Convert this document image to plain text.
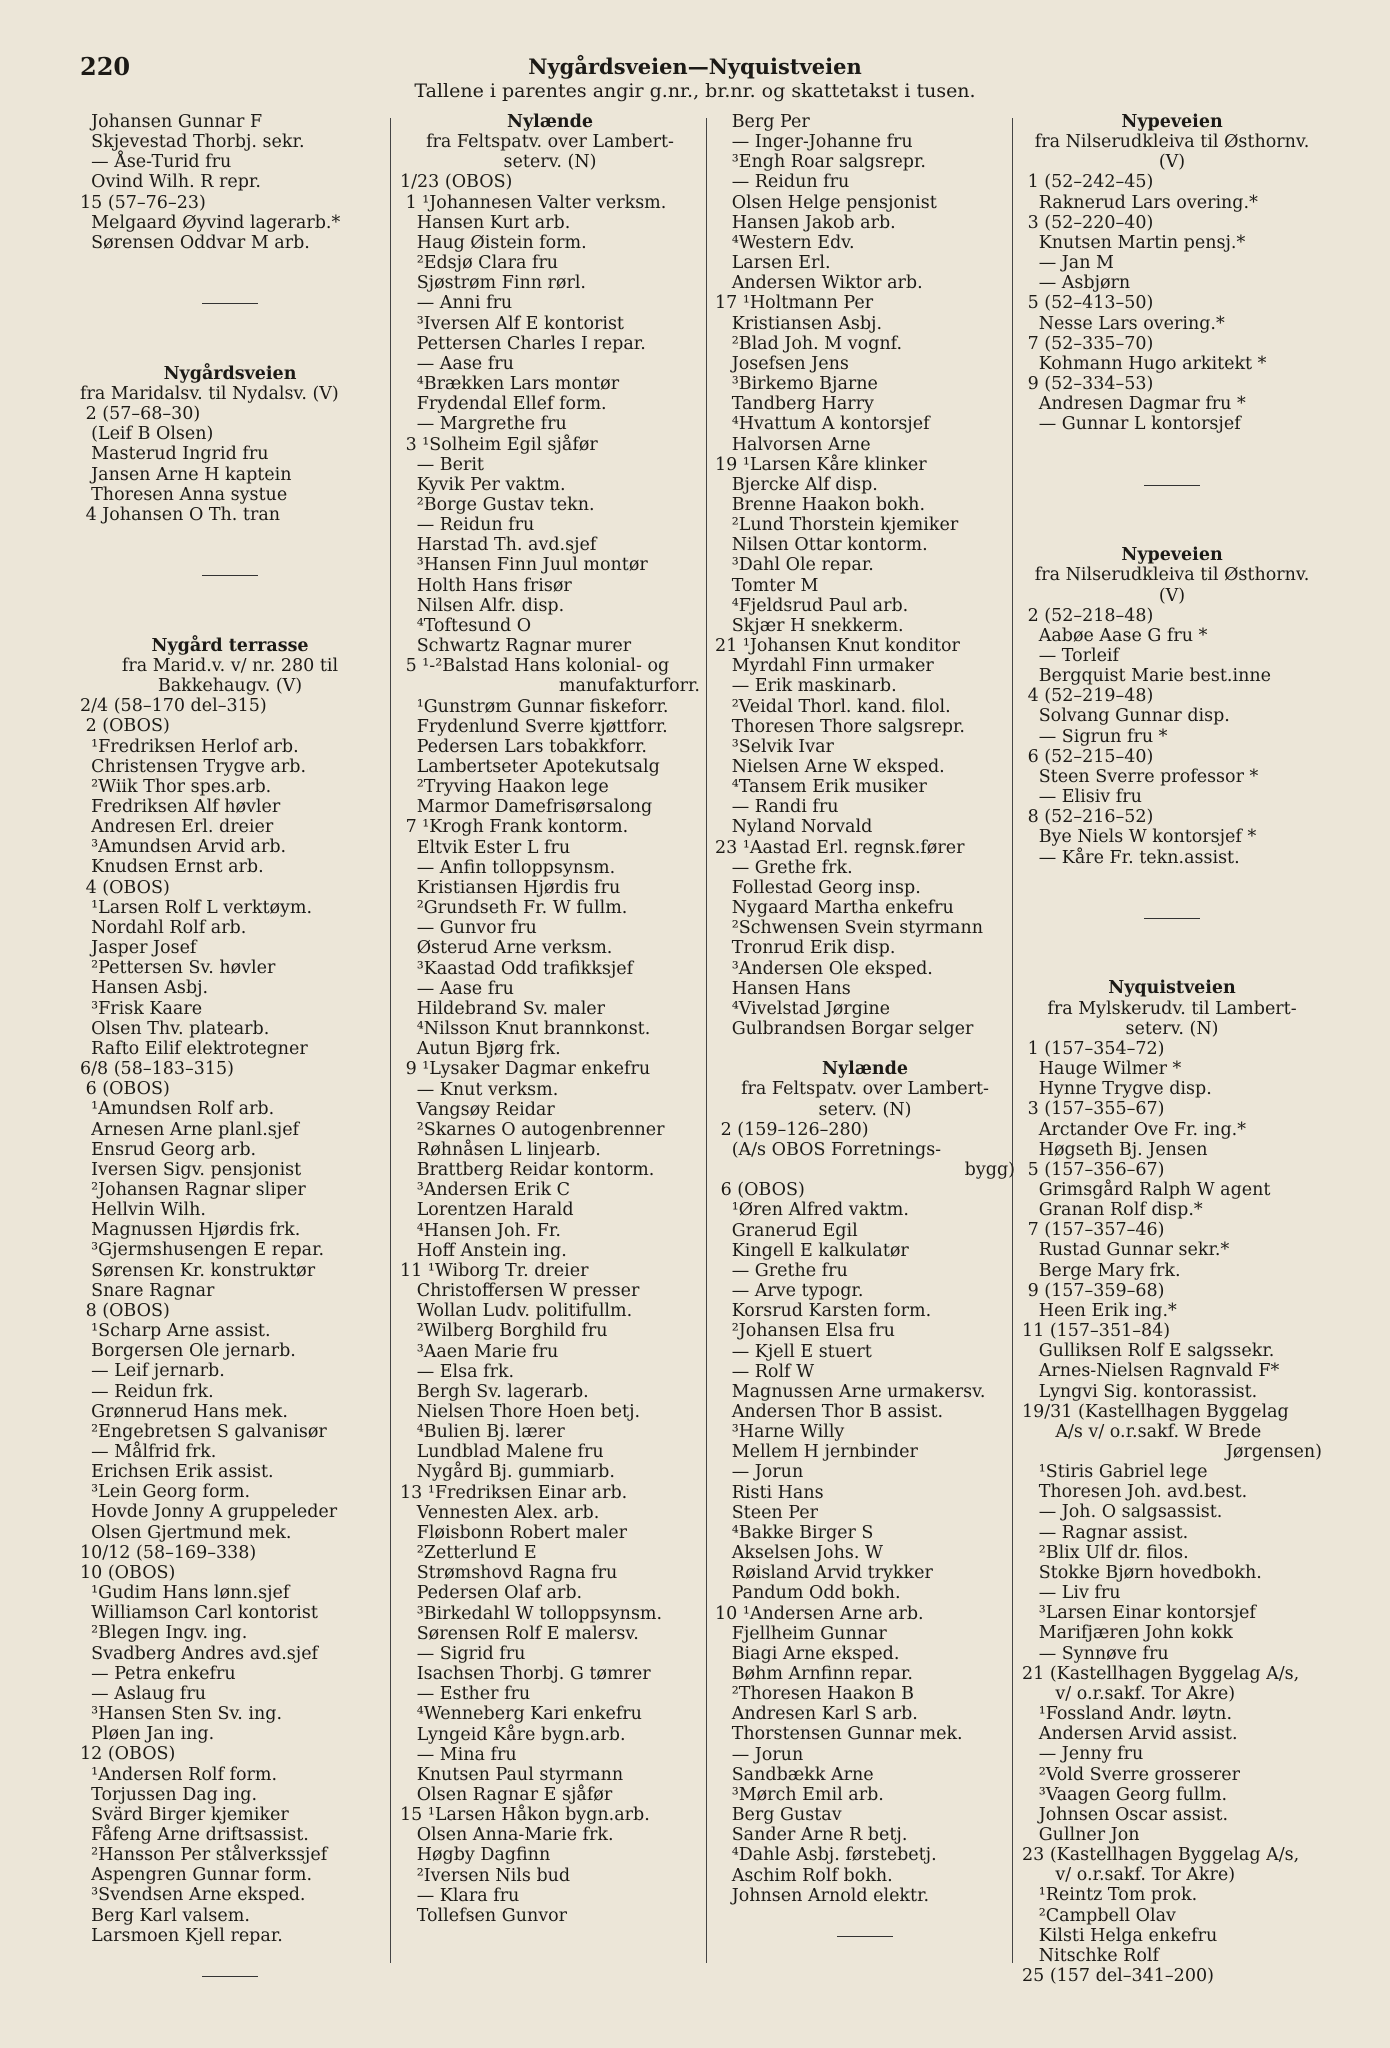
220	Nygårdsveien—Nyquistveien
Tallene i parentes angir g.nr., br.nr. og skattetakst i tusen.
Johansen Gunnar F
Skjevestad Thorbj. sekr.
— Åse-Turid fru
Ovind Wilh. R repr.
15 (57–76–23)
Melgaard Øyvind lagerarb.*
Sørensen Oddvar M arb.
Nygårdsveien
fra Maridalsv. til Nydalsv. (V)
2 (57–68–30)
(Leif B Olsen)
Masterud Ingrid fru
Jansen Arne H kaptein
Thoresen Anna systue
4 Johansen O Th. tran
Nygård terrasse
fra Marid.v. v/ nr. 280 til
Bakkehaugv. (V)
2/4 (58–170 del–315)
2 (OBOS)
¹Fredriksen Herlof arb.
Christensen Trygve arb.
²Wiik Thor spes.arb.
Fredriksen Alf høvler
Andresen Erl. dreier
³Amundsen Arvid arb.
Knudsen Ernst arb.
4 (OBOS)
¹Larsen Rolf L verktøym.
Nordahl Rolf arb.
Jasper Josef
²Pettersen Sv. høvler
Hansen Asbj.
³Frisk Kaare
Olsen Thv. platearb.
Rafto Eilif elektrotegner
6/8 (58–183–315)
6 (OBOS)
¹Amundsen Rolf arb.
Arnesen Arne planl.sjef
Ensrud Georg arb.
Iversen Sigv. pensjonist
²Johansen Ragnar sliper
Hellvin Wilh.
Magnussen Hjørdis frk.
³Gjermshusengen E repar.
Sørensen Kr. konstruktør
Snare Ragnar
8 (OBOS)
¹Scharp Arne assist.
Borgersen Ole jernarb.
— Leif jernarb.
— Reidun frk.
Grønnerud Hans mek.
²Engebretsen S galvanisør
— Målfrid frk.
Erichsen Erik assist.
³Lein Georg form.
Hovde Jonny A gruppeleder
Olsen Gjertmund mek.
10/12 (58–169–338)
10 (OBOS)
¹Gudim Hans lønn.sjef
Williamson Carl kontorist
²Blegen Ingv. ing.
Svadberg Andres avd.sjef
— Petra enkefru
— Aslaug fru
³Hansen Sten Sv. ing.
Pløen Jan ing.
12 (OBOS)
¹Andersen Rolf form.
Torjussen Dag ing.
Svärd Birger kjemiker
Fåfeng Arne driftsassist.
²Hansson Per stålverkssjef
Aspengren Gunnar form.
³Svendsen Arne eksped.
Berg Karl valsem.
Larsmoen Kjell repar.
Nylænde
fra Feltspatv. over Lambert-
seterv. (N)
1/23 (OBOS)
1 ¹Johannesen Valter verksm.
Hansen Kurt arb.
Haug Øistein form.
²Edsjø Clara fru
Sjøstrøm Finn rørl.
— Anni fru
³Iversen Alf E kontorist
Pettersen Charles I repar.
— Aase fru
⁴Brækken Lars montør
Frydendal Ellef form.
— Margrethe fru
3 ¹Solheim Egil sjåfør
— Berit
Kyvik Per vaktm.
²Borge Gustav tekn.
— Reidun fru
Harstad Th. avd.sjef
³Hansen Finn Juul montør
Holth Hans frisør
Nilsen Alfr. disp.
⁴Toftesund O
Schwartz Ragnar murer
5 ¹-²Balstad Hans kolonial- og
manufakturforr.
¹Gunstrøm Gunnar fiskeforr.
Frydenlund Sverre kjøttforr.
Pedersen Lars tobakkforr.
Lambertseter Apotekutsalg
²Tryving Haakon lege
Marmor Damefrisørsalong
7 ¹Krogh Frank kontorm.
Eltvik Ester L fru
— Anfin tolloppsynsm.
Kristiansen Hjørdis fru
²Grundseth Fr. W fullm.
— Gunvor fru
Østerud Arne verksm.
³Kaastad Odd trafikksjef
— Aase fru
Hildebrand Sv. maler
⁴Nilsson Knut brannkonst.
Autun Bjørg frk.
9 ¹Lysaker Dagmar enkefru
— Knut verksm.
Vangsøy Reidar
²Skarnes O autogenbrenner
Røhnåsen L linjearb.
Brattberg Reidar kontorm.
³Andersen Erik C
Lorentzen Harald
⁴Hansen Joh. Fr.
Hoff Anstein ing.
11 ¹Wiborg Tr. dreier
Christoffersen W presser
Wollan Ludv. politifullm.
²Wilberg Borghild fru
³Aaen Marie fru
— Elsa frk.
Bergh Sv. lagerarb.
Nielsen Thore Hoen betj.
⁴Bulien Bj. lærer
Lundblad Malene fru
Nygård Bj. gummiarb.
13 ¹Fredriksen Einar arb.
Vennesten Alex. arb.
Fløisbonn Robert maler
²Zetterlund E
Strømshovd Ragna fru
Pedersen Olaf arb.
³Birkedahl W tolloppsynsm.
Sørensen Rolf E malersv.
— Sigrid fru
Isachsen Thorbj. G tømrer
— Esther fru
⁴Wenneberg Kari enkefru
Lyngeid Kåre bygn.arb.
— Mina fru
Knutsen Paul styrmann
Olsen Ragnar E sjåfør
15 ¹Larsen Håkon bygn.arb.
Olsen Anna-Marie frk.
Høgby Dagfinn
²Iversen Nils bud
— Klara fru
Tollefsen Gunvor
Berg Per
— Inger-Johanne fru
³Engh Roar salgsrepr.
— Reidun fru
Olsen Helge pensjonist
Hansen Jakob arb.
⁴Western Edv.
Larsen Erl.
Andersen Wiktor arb.
17 ¹Holtmann Per
Kristiansen Asbj.
²Blad Joh. M vognf.
Josefsen Jens
³Birkemo Bjarne
Tandberg Harry
⁴Hvattum A kontorsjef
Halvorsen Arne
19 ¹Larsen Kåre klinker
Bjercke Alf disp.
Brenne Haakon bokh.
²Lund Thorstein kjemiker
Nilsen Ottar kontorm.
³Dahl Ole repar.
Tomter M
⁴Fjeldsrud Paul arb.
Skjær H snekkerm.
21 ¹Johansen Knut konditor
Myrdahl Finn urmaker
— Erik maskinarb.
²Veidal Thorl. kand. filol.
Thoresen Thore salgsrepr.
³Selvik Ivar
Nielsen Arne W eksped.
⁴Tansem Erik musiker
— Randi fru
Nyland Norvald
23 ¹Aastad Erl. regnsk.fører
— Grethe frk.
Follestad Georg insp.
Nygaard Martha enkefru
²Schwensen Svein styrmann
Tronrud Erik disp.
³Andersen Ole eksped.
Hansen Hans
⁴Vivelstad Jørgine
Gulbrandsen Borgar selger
Nylænde
fra Feltspatv. over Lambert-
seterv. (N)
2 (159–126–280)
(A/s OBOS Forretnings-
bygg)
6 (OBOS)
¹Øren Alfred vaktm.
Granerud Egil
Kingell E kalkulatør
— Grethe fru
— Arve typogr.
Korsrud Karsten form.
²Johansen Elsa fru
— Kjell E stuert
— Rolf W
Magnussen Arne urmakersv.
Andersen Thor B assist.
³Harne Willy
Mellem H jernbinder
— Jorun
Risti Hans
Steen Per
⁴Bakke Birger S
Akselsen Johs. W
Røisland Arvid trykker
Pandum Odd bokh.
10 ¹Andersen Arne arb.
Fjellheim Gunnar
Biagi Arne eksped.
Bøhm Arnfinn repar.
²Thoresen Haakon B
Andresen Karl S arb.
Thorstensen Gunnar mek.
— Jorun
Sandbækk Arne
³Mørch Emil arb.
Berg Gustav
Sander Arne R betj.
⁴Dahle Asbj. førstebetj.
Aschim Rolf bokh.
Johnsen Arnold elektr.
Nypeveien
fra Nilserudkleiva til Østhornv.
(V)
1 (52–242–45)
Raknerud Lars overing.*
3 (52–220–40)
Knutsen Martin pensj.*
— Jan M
— Asbjørn
5 (52–413–50)
Nesse Lars overing.*
7 (52–335–70)
Kohmann Hugo arkitekt *
9 (52–334–53)
Andresen Dagmar fru *
— Gunnar L kontorsjef
Nypeveien
fra Nilserudkleiva til Østhornv.
(V)
2 (52–218–48)
Aabøe Aase G fru *
— Torleif
Bergquist Marie best.inne
4 (52–219–48)
Solvang Gunnar disp.
— Sigrun fru *
6 (52–215–40)
Steen Sverre professor *
— Elisiv fru
8 (52–216–52)
Bye Niels W kontorsjef *
— Kåre Fr. tekn.assist.
Nyquistveien
fra Mylskerudv. til Lambert-
seterv. (N)
1 (157–354–72)
Hauge Wilmer *
Hynne Trygve disp.
3 (157–355–67)
Arctander Ove Fr. ing.*
Høgseth Bj. Jensen
5 (157–356–67)
Grimsgård Ralph W agent
Granan Rolf disp.*
7 (157–357–46)
Rustad Gunnar sekr.*
Berge Mary frk.
9 (157–359–68)
Heen Erik ing.*
11 (157–351–84)
Gulliksen Rolf E salgssekr.
Arnes-Nielsen Ragnvald F*
Lyngvi Sig. kontorassist.
19/31 (Kastellhagen Byggelag
A/s v/ o.r.sakf. W Brede
Jørgensen)
¹Stiris Gabriel lege
Thoresen Joh. avd.best.
— Joh. O salgsassist.
— Ragnar assist.
²Blix Ulf dr. filos.
Stokke Bjørn hovedbokh.
— Liv fru
³Larsen Einar kontorsjef
Marifjæren John kokk
— Synnøve fru
21 (Kastellhagen Byggelag A/s,
v/ o.r.sakf. Tor Akre)
¹Fossland Andr. løytn.
Andersen Arvid assist.
— Jenny fru
²Vold Sverre grosserer
³Vaagen Georg fullm.
Johnsen Oscar assist.
Gullner Jon
23 (Kastellhagen Byggelag A/s,
v/ o.r.sakf. Tor Akre)
¹Reintz Tom prok.
²Campbell Olav
Kilsti Helga enkefru
Nitschke Rolf
25 (157 del–341–200)
